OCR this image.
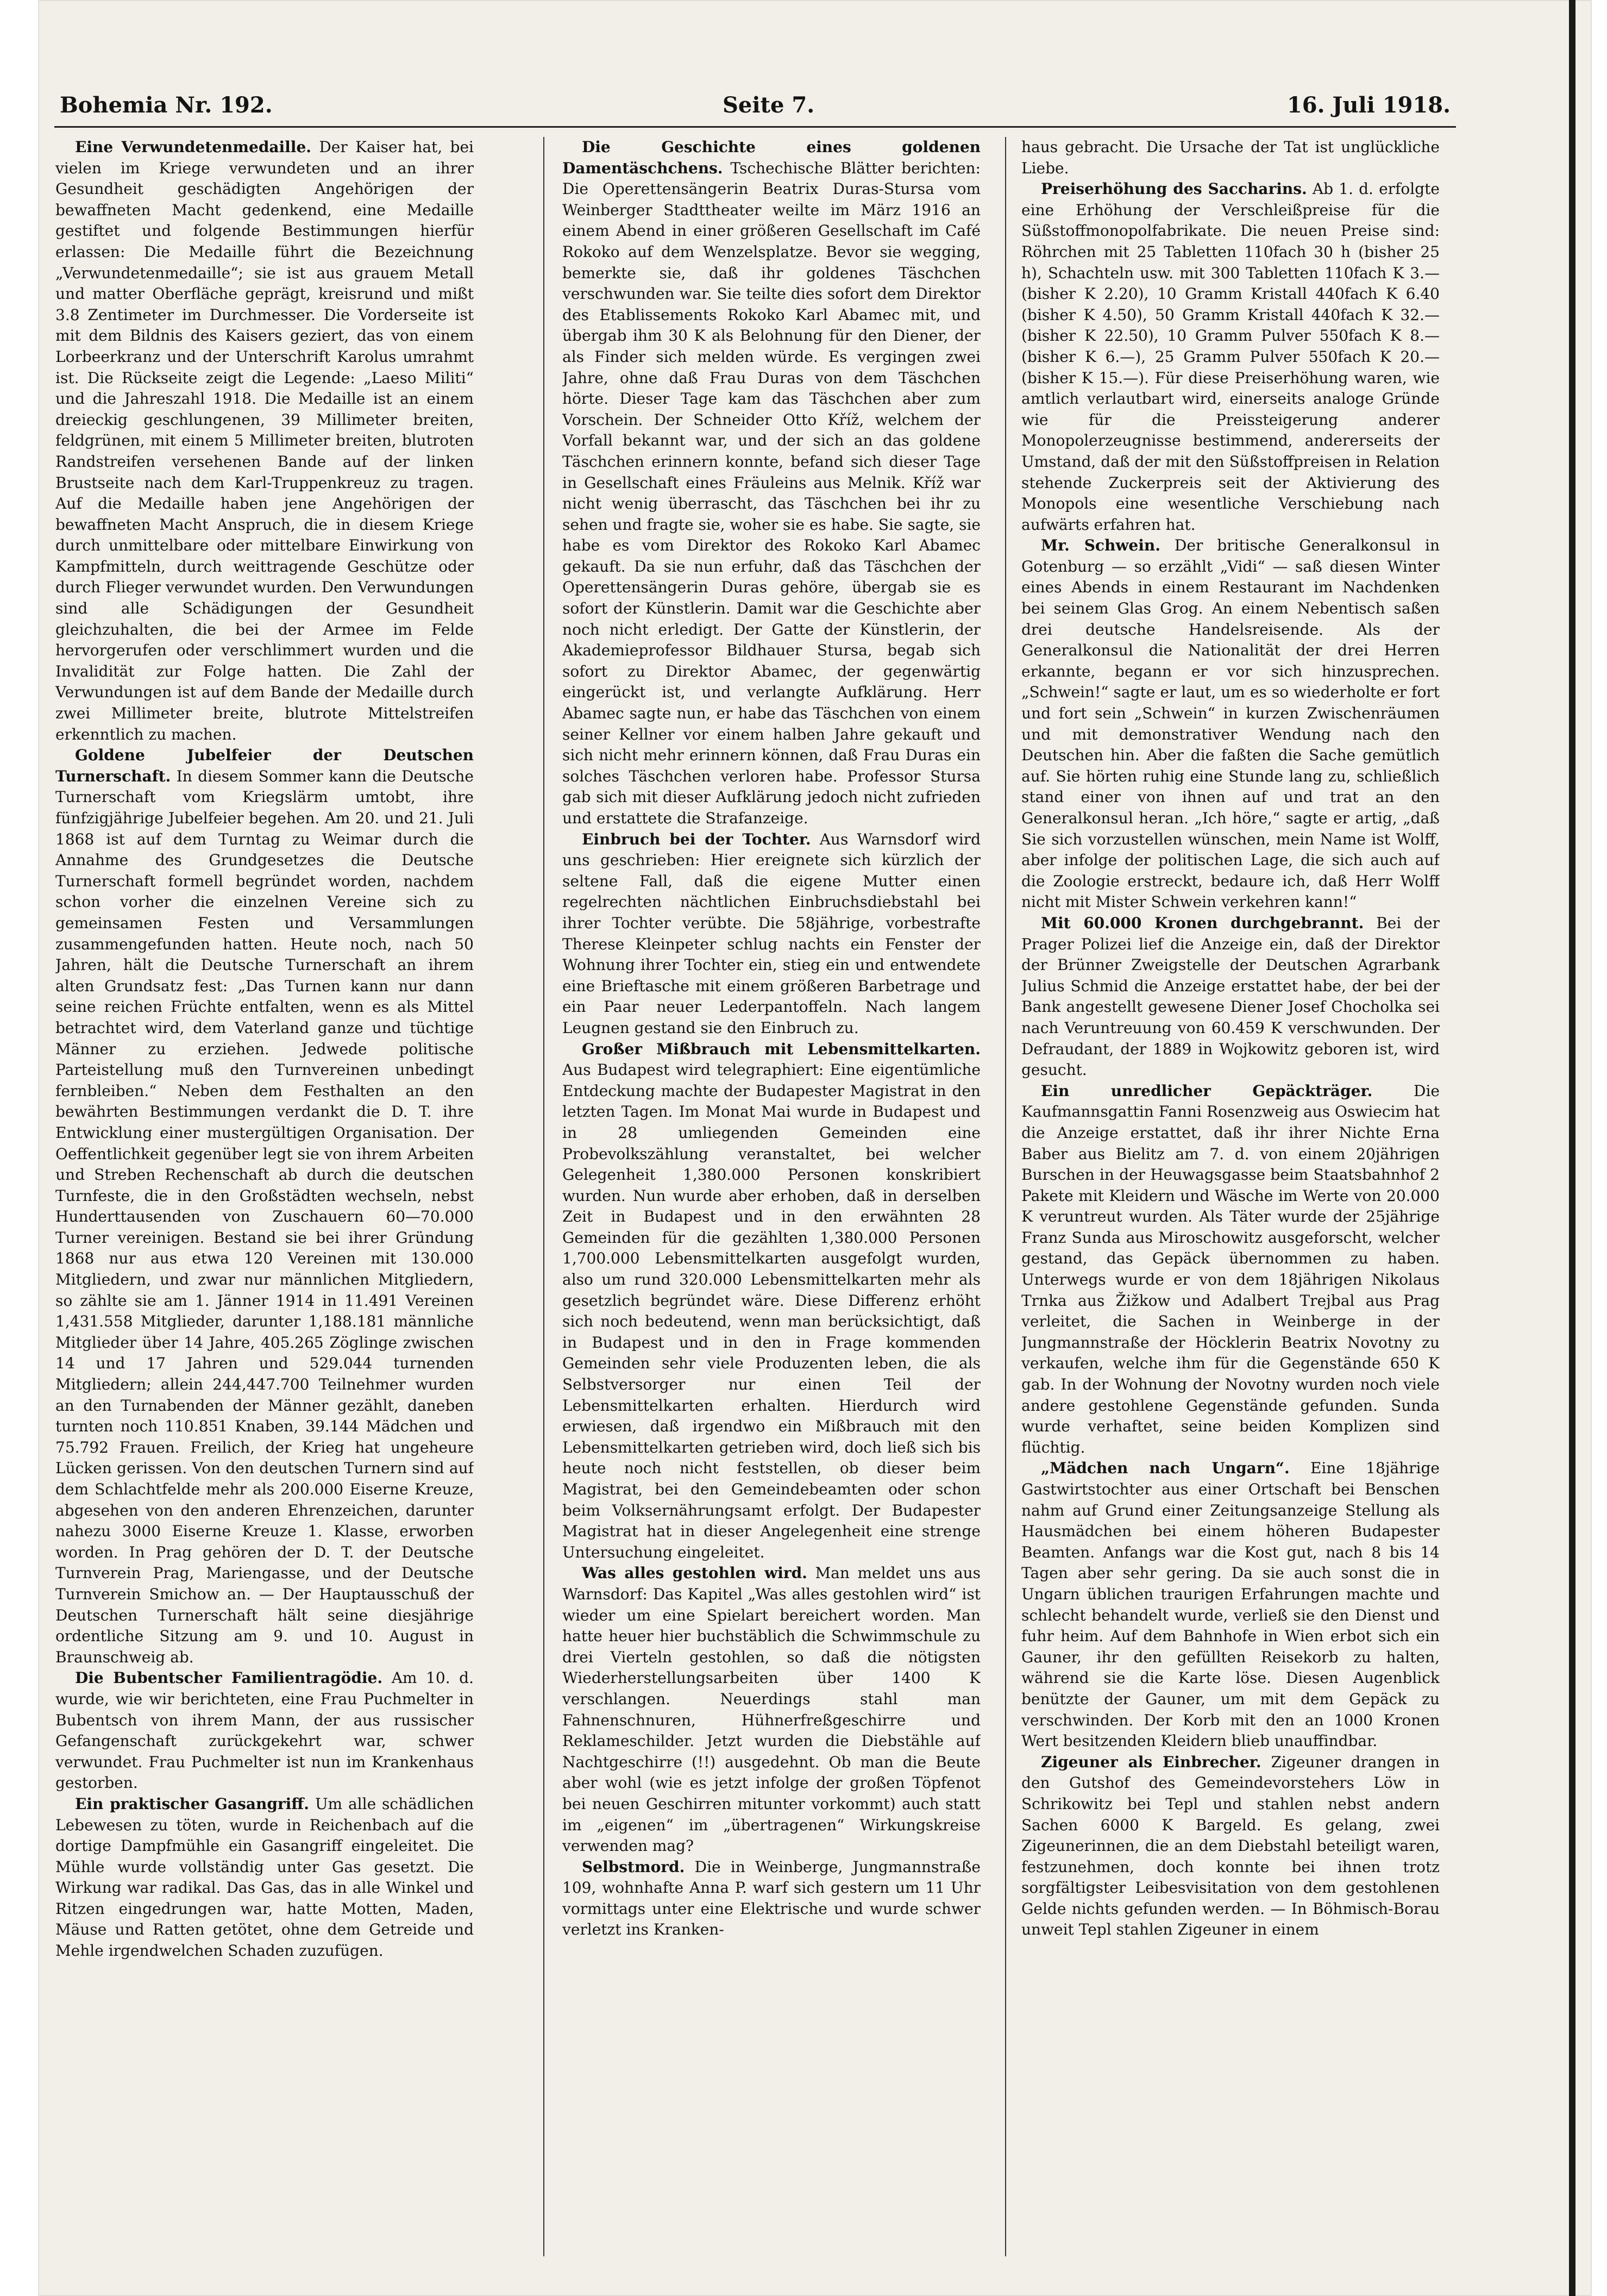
Bohemia Nr. 192.	Seite 7.	16. Juli 1918.

Eine Verwundetenmedaille. Der Kaiser hat, bei vielen im Kriege verwundeten und an ihrer Gesundheit geschädigten Angehörigen der bewaffneten Macht gedenkend, eine Medaille gestiftet und folgende Bestimmungen hierfür erlassen: Die Medaille führt die Bezeichnung „Verwundetenmedaille“; sie ist aus grauem Metall und matter Oberfläche geprägt, kreisrund und mißt 3.8 Zentimeter im Durchmesser. Die Vorderseite ist mit dem Bildnis des Kaisers geziert, das von einem Lorbeerkranz und der Unterschrift Karolus umrahmt ist. Die Rückseite zeigt die Legende: „Laeso Militi“ und die Jahreszahl 1918. Die Medaille ist an einem dreieckig geschlungenen, 39 Millimeter breiten, feldgrünen, mit einem 5 Millimeter breiten, blutroten Randstreifen versehenen Bande auf der linken Brustseite nach dem Karl-Truppenkreuz zu tragen. Auf die Medaille haben jene Angehörigen der bewaffneten Macht Anspruch, die in diesem Kriege durch unmittelbare oder mittelbare Einwirkung von Kampfmitteln, durch weittragende Geschütze oder durch Flieger verwundet wurden. Den Verwundungen sind alle Schädigungen der Gesundheit gleichzuhalten, die bei der Armee im Felde hervorgerufen oder verschlimmert wurden und die Invalidität zur Folge hatten. Die Zahl der Verwundungen ist auf dem Bande der Medaille durch zwei Millimeter breite, blutrote Mittelstreifen erkenntlich zu machen.

Goldene Jubelfeier der Deutschen Turnerschaft. In diesem Sommer kann die Deutsche Turnerschaft vom Kriegslärm umtobt, ihre fünfzigjährige Jubelfeier begehen. Am 20. und 21. Juli 1868 ist auf dem Turntag zu Weimar durch die Annahme des Grundgesetzes die Deutsche Turnerschaft formell begründet worden, nachdem schon vorher die einzelnen Vereine sich zu gemeinsamen Festen und Versammlungen zusammengefunden hatten. Heute noch, nach 50 Jahren, hält die Deutsche Turnerschaft an ihrem alten Grundsatz fest: „Das Turnen kann nur dann seine reichen Früchte entfalten, wenn es als Mittel betrachtet wird, dem Vaterland ganze und tüchtige Männer zu erziehen. Jedwede politische Parteistellung muß den Turnvereinen unbedingt fernbleiben.“ Neben dem Festhalten an den bewährten Bestimmungen verdankt die D. T. ihre Entwicklung einer mustergültigen Organisation. Der Oeffentlichkeit gegenüber legt sie von ihrem Arbeiten und Streben Rechenschaft ab durch die deutschen Turnfeste, die in den Großstädten wechseln, nebst Hunderttausenden von Zuschauern 60—70.000 Turner vereinigen. Bestand sie bei ihrer Gründung 1868 nur aus etwa 120 Vereinen mit 130.000 Mitgliedern, und zwar nur männlichen Mitgliedern, so zählte sie am 1. Jänner 1914 in 11.491 Vereinen 1,431.558 Mitglieder, darunter 1,188.181 männliche Mitglieder über 14 Jahre, 405.265 Zöglinge zwischen 14 und 17 Jahren und 529.044 turnenden Mitgliedern; allein 244,447.700 Teilnehmer wurden an den Turnabenden der Männer gezählt, daneben turnten noch 110.851 Knaben, 39.144 Mädchen und 75.792 Frauen. Freilich, der Krieg hat ungeheure Lücken gerissen. Von den deutschen Turnern sind auf dem Schlachtfelde mehr als 200.000 Eiserne Kreuze, abgesehen von den anderen Ehrenzeichen, darunter nahezu 3000 Eiserne Kreuze 1. Klasse, erworben worden. In Prag gehören der D. T. der Deutsche Turnverein Prag, Mariengasse, und der Deutsche Turnverein Smichow an. — Der Hauptausschuß der Deutschen Turnerschaft hält seine diesjährige ordentliche Sitzung am 9. und 10. August in Braunschweig ab.

Die Bubentscher Familientragödie. Am 10. d. wurde, wie wir berichteten, eine Frau Puchmelter in Bubentsch von ihrem Mann, der aus russischer Gefangenschaft zurückgekehrt war, schwer verwundet. Frau Puchmelter ist nun im Krankenhaus gestorben.

Ein praktischer Gasangriff. Um alle schädlichen Lebewesen zu töten, wurde in Reichenbach auf die dortige Dampfmühle ein Gasangriff eingeleitet. Die Mühle wurde vollständig unter Gas gesetzt. Die Wirkung war radikal. Das Gas, das in alle Winkel und Ritzen eingedrungen war, hatte Motten, Maden, Mäuse und Ratten getötet, ohne dem Getreide und Mehle irgendwelchen Schaden zuzufügen.

Die Geschichte eines goldenen Damentäschchens. Tschechische Blätter berichten: Die Operettensängerin Beatrix Duras-Stursa vom Weinberger Stadttheater weilte im März 1916 an einem Abend in einer größeren Gesellschaft im Café Rokoko auf dem Wenzelsplatze. Bevor sie wegging, bemerkte sie, daß ihr goldenes Täschchen verschwunden war. Sie teilte dies sofort dem Direktor des Etablissements Rokoko Karl Abamec mit, und übergab ihm 30 K als Belohnung für den Diener, der als Finder sich melden würde. Es vergingen zwei Jahre, ohne daß Frau Duras von dem Täschchen hörte. Dieser Tage kam das Täschchen aber zum Vorschein. Der Schneider Otto Kříž, welchem der Vorfall bekannt war, und der sich an das goldene Täschchen erinnern konnte, befand sich dieser Tage in Gesellschaft eines Fräuleins aus Melnik. Kříž war nicht wenig überrascht, das Täschchen bei ihr zu sehen und fragte sie, woher sie es habe. Sie sagte, sie habe es vom Direktor des Rokoko Karl Abamec gekauft. Da sie nun erfuhr, daß das Täschchen der Operettensängerin Duras gehöre, übergab sie es sofort der Künstlerin. Damit war die Geschichte aber noch nicht erledigt. Der Gatte der Künstlerin, der Akademieprofessor Bildhauer Stursa, begab sich sofort zu Direktor Abamec, der gegenwärtig eingerückt ist, und verlangte Aufklärung. Herr Abamec sagte nun, er habe das Täschchen von einem seiner Kellner vor einem halben Jahre gekauft und sich nicht mehr erinnern können, daß Frau Duras ein solches Täschchen verloren habe. Professor Stursa gab sich mit dieser Aufklärung jedoch nicht zufrieden und erstattete die Strafanzeige.

Einbruch bei der Tochter. Aus Warnsdorf wird uns geschrieben: Hier ereignete sich kürzlich der seltene Fall, daß die eigene Mutter einen regelrechten nächtlichen Einbruchsdiebstahl bei ihrer Tochter verübte. Die 58jährige, vorbestrafte Therese Kleinpeter schlug nachts ein Fenster der Wohnung ihrer Tochter ein, stieg ein und entwendete eine Brieftasche mit einem größeren Barbetrage und ein Paar neuer Lederpantoffeln. Nach langem Leugnen gestand sie den Einbruch zu.

Großer Mißbrauch mit Lebensmittelkarten. Aus Budapest wird telegraphiert: Eine eigentümliche Entdeckung machte der Budapester Magistrat in den letzten Tagen. Im Monat Mai wurde in Budapest und in 28 umliegenden Gemeinden eine Probevolkszählung veranstaltet, bei welcher Gelegenheit 1,380.000 Personen konskribiert wurden. Nun wurde aber erhoben, daß in derselben Zeit in Budapest und in den erwähnten 28 Gemeinden für die gezählten 1,380.000 Personen 1,700.000 Lebensmittelkarten ausgefolgt wurden, also um rund 320.000 Lebensmittelkarten mehr als gesetzlich begründet wäre. Diese Differenz erhöht sich noch bedeutend, wenn man berücksichtigt, daß in Budapest und in den in Frage kommenden Gemeinden sehr viele Produzenten leben, die als Selbstversorger nur einen Teil der Lebensmittelkarten erhalten. Hierdurch wird erwiesen, daß irgendwo ein Mißbrauch mit den Lebensmittelkarten getrieben wird, doch ließ sich bis heute noch nicht feststellen, ob dieser beim Magistrat, bei den Gemeindebeamten oder schon beim Volksernährungsamt erfolgt. Der Budapester Magistrat hat in dieser Angelegenheit eine strenge Untersuchung eingeleitet.

Was alles gestohlen wird. Man meldet uns aus Warnsdorf: Das Kapitel „Was alles gestohlen wird“ ist wieder um eine Spielart bereichert worden. Man hatte heuer hier buchstäblich die Schwimmschule zu drei Vierteln gestohlen, so daß die nötigsten Wiederherstellungsarbeiten über 1400 K verschlangen. Neuerdings stahl man Fahnenschnuren, Hühnerfreßgeschirre und Reklameschilder. Jetzt wurden die Diebstähle auf Nachtgeschirre (!!) ausgedehnt. Ob man die Beute aber wohl (wie es jetzt infolge der großen Töpfenot bei neuen Geschirren mitunter vorkommt) auch statt im „eigenen“ im „übertragenen“ Wirkungskreise verwenden mag?

Selbstmord. Die in Weinberge, Jungmannstraße 109, wohnhafte Anna P. warf sich gestern um 11 Uhr vormittags unter eine Elektrische und wurde schwer verletzt ins Kranken-

haus gebracht. Die Ursache der Tat ist unglückliche Liebe.

Preiserhöhung des Saccharins. Ab 1. d. erfolgte eine Erhöhung der Verschleißpreise für die Süßstoffmonopolfabrikate. Die neuen Preise sind: Röhrchen mit 25 Tabletten 110fach 30 h (bisher 25 h), Schachteln usw. mit 300 Tabletten 110fach K 3.— (bisher K 2.20), 10 Gramm Kristall 440fach K 6.40 (bisher K 4.50), 50 Gramm Kristall 440fach K 32.— (bisher K 22.50), 10 Gramm Pulver 550fach K 8.— (bisher K 6.—), 25 Gramm Pulver 550fach K 20.— (bisher K 15.—). Für diese Preiserhöhung waren, wie amtlich verlautbart wird, einerseits analoge Gründe wie für die Preissteigerung anderer Monopolerzeugnisse bestimmend, andererseits der Umstand, daß der mit den Süßstoffpreisen in Relation stehende Zuckerpreis seit der Aktivierung des Monopols eine wesentliche Verschiebung nach aufwärts erfahren hat.

Mr. Schwein. Der britische Generalkonsul in Gotenburg — so erzählt „Vidi“ — saß diesen Winter eines Abends in einem Restaurant im Nachdenken bei seinem Glas Grog. An einem Nebentisch saßen drei deutsche Handelsreisende. Als der Generalkonsul die Nationalität der drei Herren erkannte, begann er vor sich hinzusprechen. „Schwein!“ sagte er laut, um es so wiederholte er fort und fort sein „Schwein“ in kurzen Zwischenräumen und mit demonstrativer Wendung nach den Deutschen hin. Aber die faßten die Sache gemütlich auf. Sie hörten ruhig eine Stunde lang zu, schließlich stand einer von ihnen auf und trat an den Generalkonsul heran. „Ich höre,“ sagte er artig, „daß Sie sich vorzustellen wünschen, mein Name ist Wolff, aber infolge der politischen Lage, die sich auch auf die Zoologie erstreckt, bedaure ich, daß Herr Wolff nicht mit Mister Schwein verkehren kann!“

Mit 60.000 Kronen durchgebrannt. Bei der Prager Polizei lief die Anzeige ein, daß der Direktor der Brünner Zweigstelle der Deutschen Agrarbank Julius Schmid die Anzeige erstattet habe, der bei der Bank angestellt gewesene Diener Josef Chocholka sei nach Veruntreuung von 60.459 K verschwunden. Der Defraudant, der 1889 in Wojkowitz geboren ist, wird gesucht.

Ein unredlicher Gepäckträger.	Die Kaufmannsgattin Fanni Rosenzweig aus Oswiecim hat die Anzeige erstattet, daß ihr ihrer Nichte Erna Baber aus Bielitz am 7. d. von einem 20jährigen Burschen in der Heuwagsgasse beim Staatsbahnhof 2 Pakete mit Kleidern und Wäsche im Werte von 20.000 K veruntreut wurden. Als Täter wurde der 25jährige Franz Sunda aus Miroschowitz ausgeforscht, welcher gestand, das Gepäck übernommen zu haben. Unterwegs wurde er von dem 18jährigen Nikolaus Trnka aus Žižkow und Adalbert Trejbal aus Prag verleitet, die Sachen in Weinberge in der Jungmannstraße der Höcklerin Beatrix Novotny zu verkaufen, welche ihm für die Gegenstände 650 K gab. In der Wohnung der Novotny wurden noch viele andere gestohlene Gegenstände gefunden. Sunda wurde verhaftet, seine beiden Komplizen sind flüchtig.

„Mädchen nach Ungarn“. Eine 18jährige Gastwirtstochter aus einer Ortschaft bei Benschen nahm auf Grund einer Zeitungsanzeige Stellung als Hausmädchen bei einem höheren Budapester Beamten. Anfangs war die Kost gut, nach 8 bis 14 Tagen aber sehr gering. Da sie auch sonst die in Ungarn üblichen traurigen Erfahrungen machte und schlecht behandelt wurde, verließ sie den Dienst und fuhr heim. Auf dem Bahnhofe in Wien erbot sich ein Gauner, ihr den gefüllten Reisekorb zu halten, während sie die Karte löse. Diesen Augenblick benützte der Gauner, um mit dem Gepäck zu verschwinden. Der Korb mit den an 1000 Kronen Wert besitzenden Kleidern blieb unauffindbar.

Zigeuner als Einbrecher. Zigeuner drangen in den Gutshof des Gemeindevorstehers Löw in Schrikowitz bei Tepl und stahlen nebst andern Sachen 6000 K Bargeld. Es gelang, zwei Zigeunerinnen, die an dem Diebstahl beteiligt waren, festzunehmen, doch konnte bei ihnen trotz sorgfältigster Leibesvisitation von dem gestohlenen Gelde nichts gefunden werden. — In Böhmisch-Borau unweit Tepl stahlen Zigeuner in einem
